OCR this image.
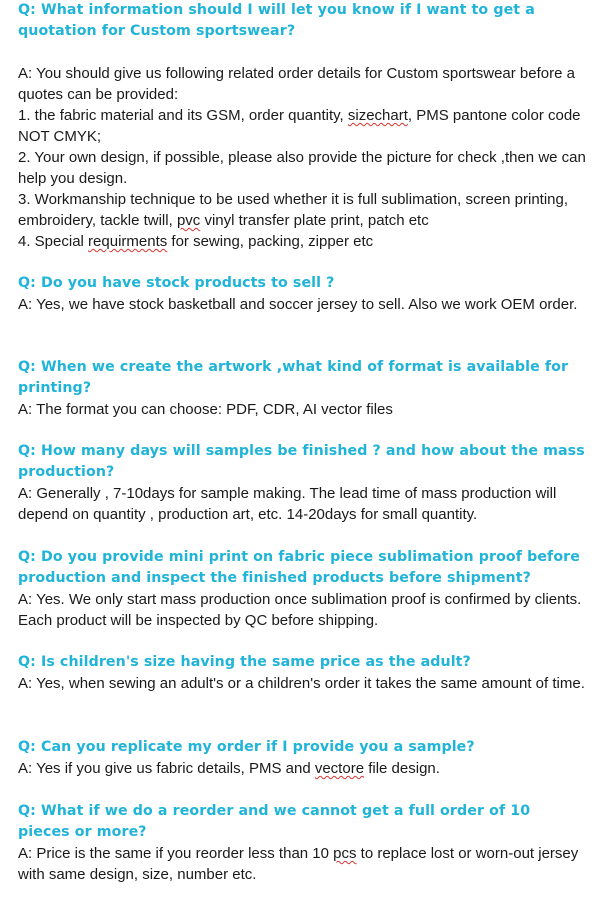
Q: What information should I will let you know if I want to get a quotation for Custom sportswear?

A: You should give us following related order details for Custom sportswear before a quotes can be provided:

1. the fabric material and its GSM, order quantity, sizechart, PMS pantone color code NOT CMYK;

2. Your own design, if possible, please also provide the picture for check ,then we can help you design.

3. Workmanship technique to be used whether it is full sublimation, screen printing, embroidery, tackle twill, pvc vinyl transfer plate print, patch etc

4. Special requirments for sewing, packing, zipper etc

Q: Do you have stock products to sell ?

A: Yes, we have stock basketball and soccer jersey to sell. Also we work OEM order.

Q: When we create the artwork ,what kind of format is available for printing?

A: The format you can choose: PDF, CDR, AI vector files

Q: How many days will samples be finished ? and how about the mass production?

A: Generally , 7-10days for sample making. The lead time of mass production will depend on quantity , production art, etc. 14-20days for small quantity.

Q: Do you provide mini print on fabric piece sublimation proof before production and inspect the finished products before shipment?

A: Yes. We only start mass production once sublimation proof is confirmed by clients. Each product will be inspected by QC before shipping.

Q: Is children's size having the same price as the adult?

A: Yes, when sewing an adult's or a children's order it takes the same amount of time.

Q: Can you replicate my order if I provide you a sample?

A: Yes if you give us fabric details, PMS and vectore file design.

Q: What if we do a reorder and we cannot get a full order of 10 pieces or more?

A: Price is the same if you reorder less than 10 pcs to replace lost or worn-out jersey with same design, size, number etc.
